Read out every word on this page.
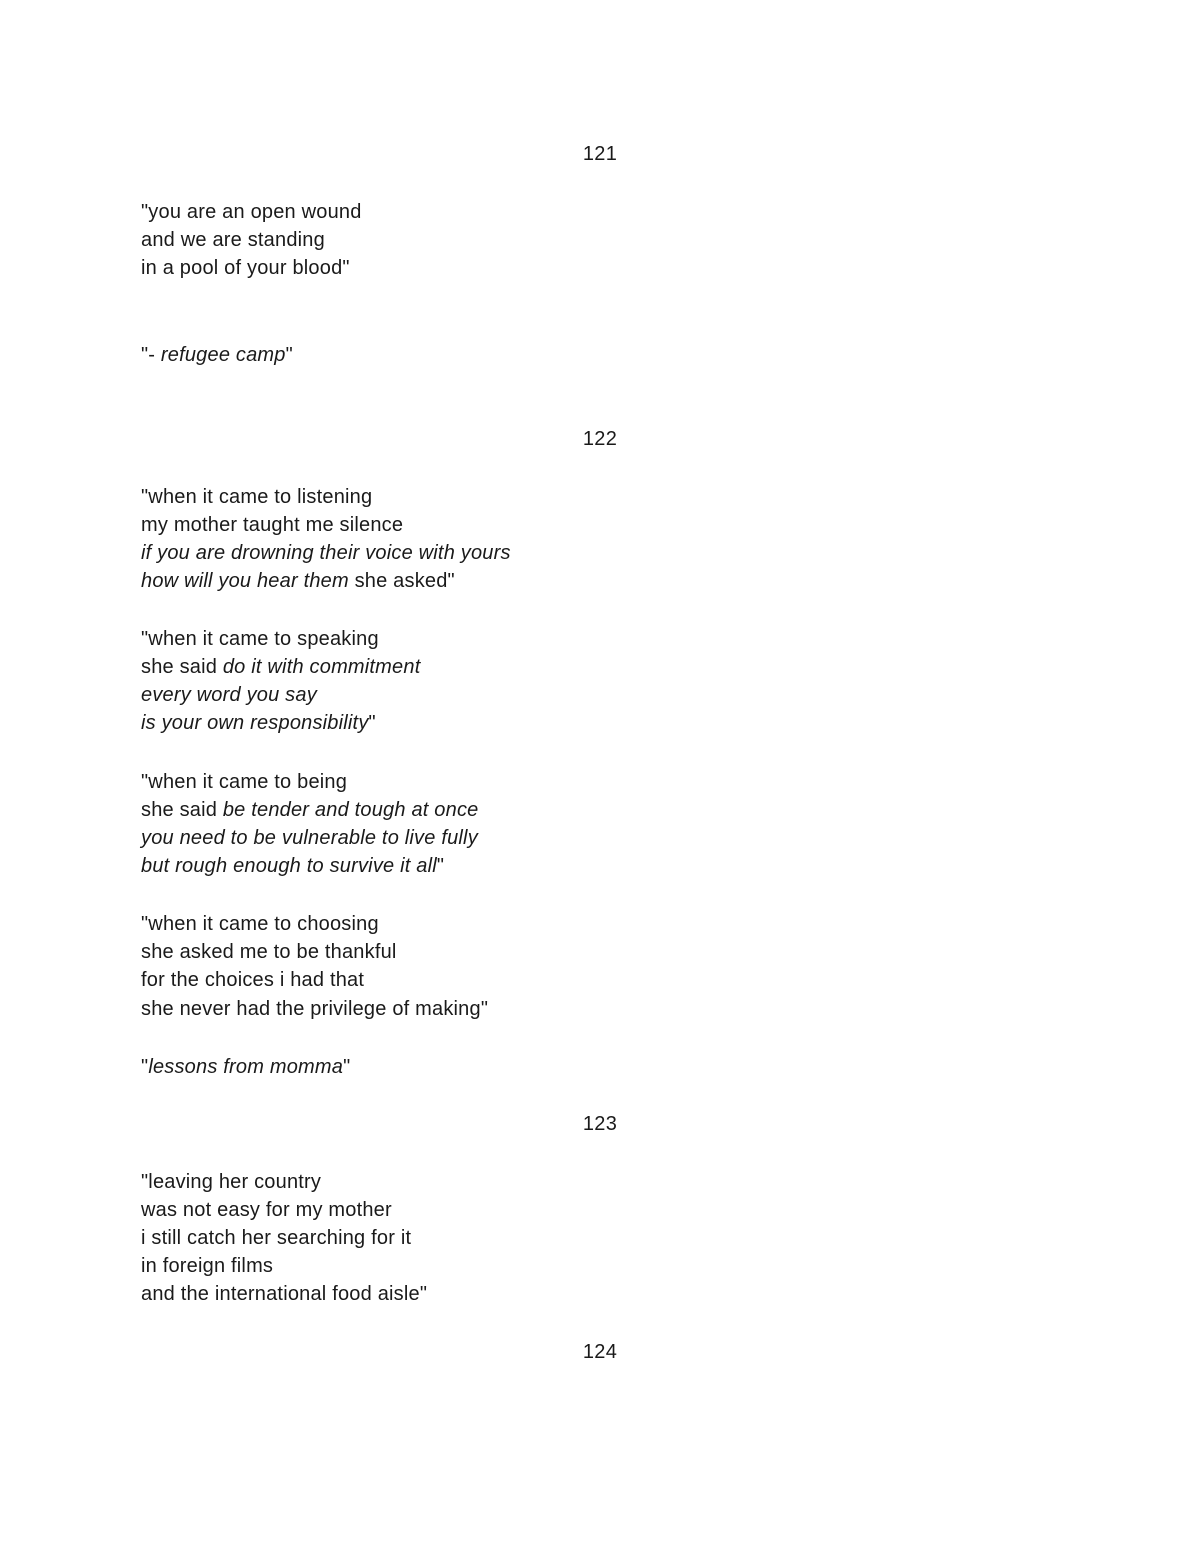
121
"you are an open wound
and we are standing
in a pool of your blood"
"- refugee camp"
122
"when it came to listening
my mother taught me silence
if you are drowning their voice with yours
how will you hear them she asked"
"when it came to speaking
she said do it with commitment
every word you say
is your own responsibility"
"when it came to being
she said be tender and tough at once
you need to be vulnerable to live fully
but rough enough to survive it all"
"when it came to choosing
she asked me to be thankful
for the choices i had that
she never had the privilege of making"
"lessons from momma"
123
"leaving her country
was not easy for my mother
i still catch her searching for it
in foreign films
and the international food aisle"
124
